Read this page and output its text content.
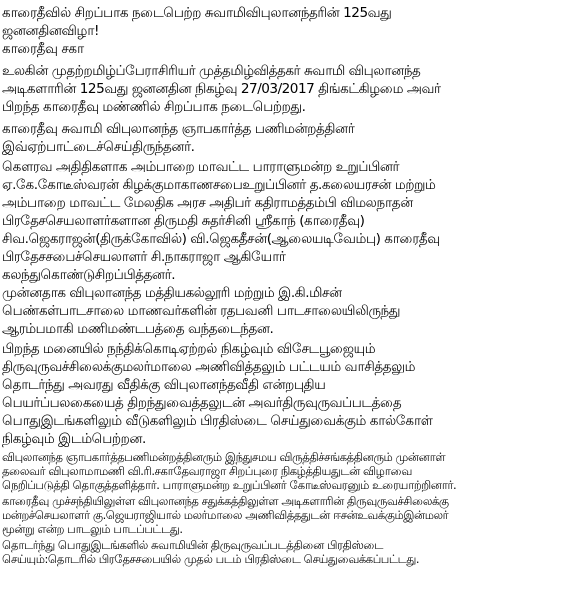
காரைதீவில் சிறப்பாக நடைபெற்ற சுவாமிவிபுலானந்தரின் 125வது
ஜனனதினவிழா!
காரைதீவு சகா
உலகின் முதற்றமிழ்ப்பேராசிரியர் முத்தமிழ்வித்தகர் சுவாமி விபுலானந்த
அடிகளாரின் 125வது ஜனனதின நிகழ்வு 27/03/2017 திங்கட்கிழமை அவர்
பிறந்த காரைதீவு மண்ணில் சிறப்பாக நடைபெற்றது.
காரைதீவு சுவாமி விபுலானந்த ஞாபகார்த்த பணிமன்றத்தினர்
இவ்ஏற்பாட்டைச்செய்திருந்தனர்.
கௌரவ அதிதிகளாக அம்பாறை மாவட்ட பாராளுமன்ற உறுப்பினர்
ஏ.கே.கோடீஸ்வரன் கிழக்குமாகாணசபைஉறுப்பினர் த.கலையரசன் மற்றும்
அம்பாறை மாவட்ட மேலதிக அரச அதிபர் கதிராமத்தம்பி விமலநாதன்
பிரதேசசெயலாளர்களான திருமதி சுதர்சினி ஸ்ரீகாந் (காரைதீவு)
சிவ.ஜெகராஜன்(திருக்கோவில்) வி.ஜெகதீசன்(ஆலையடிவேம்பு) காரைதீவு
பிரதேசசபைச்செயலாளர் சி.நாகராஜா ஆகியோர்
கலந்துகொண்டுசிறப்பித்தனர்.
முன்னதாக விபுலானந்த மத்தியகல்லூரி மற்றும் இ.கி.மிசன்
பெண்கள்பாடசாலை மாணவர்களின் ரதபவனி பாடசாலையிலிருந்து
ஆரம்பமாகி மணிமண்டபத்தை வந்தடைந்தன.
பிறந்த மனையில் நந்திக்கொடிஏற்றல் நிகழ்வும் விசேடபூஜையும்
திருவுருவச்சிலைக்குமலர்மாலை அணிவித்தலும் பட்டயம் வாசித்தலும்
தொடர்ந்து அவரது வீதிக்கு விபுலானந்தவீதி என்றபுதிய
பெயர்ப்பலகையைத் திறந்துவைத்தலுடன் அவர்திருவுருவப்படத்தை
பொதுஇடங்களிலும் வீடுகளிலும் பிரதிஸ்டை செய்துவைக்கும் கால்கோள்
நிகழ்வும் இடம்பெற்றன.
விபுலானந்த ஞாபகார்த்தபணிமன்றத்தினரும் இந்துசமய விருத்திச்சங்கத்தினரும் முன்னாள்
தலைவர் விபுலாமாமணி வி.ரி.சகாதேவராஜா சிறப்புரை நிகழ்த்தியதுடன் விழாவை
நெறிப்படுத்தி தொகுத்தளித்தார். பாராளுமன்ற உறுப்பினர் கோடீஸ்வரனும் உரையாற்றினார்.
காரைதீவு முச்சந்தியிலுள்ள விபுலானந்த சதுக்கத்திலுள்ள அடிகளாரின் திருவுருவச்சிலைக்கு
மன்றச்செயலாளர் கு.ஜெயராஜியால் மலர்மாலை அணிவித்ததுடன் ஈசன்உவக்கும்இன்மலர்
மூன்று என்ற பாடலும் பாடப்பட்டது.
தொடர்ந்து பொதுஇடங்களில் சுவாமியின் திருவுருவப்படத்தினை பிரதிஸ்டை
செய்யும்:தொடரில் பிரதேசசபையில் முதல் படம் பிரதிஸ்டை செய்துவைக்கப்பட்டது.
